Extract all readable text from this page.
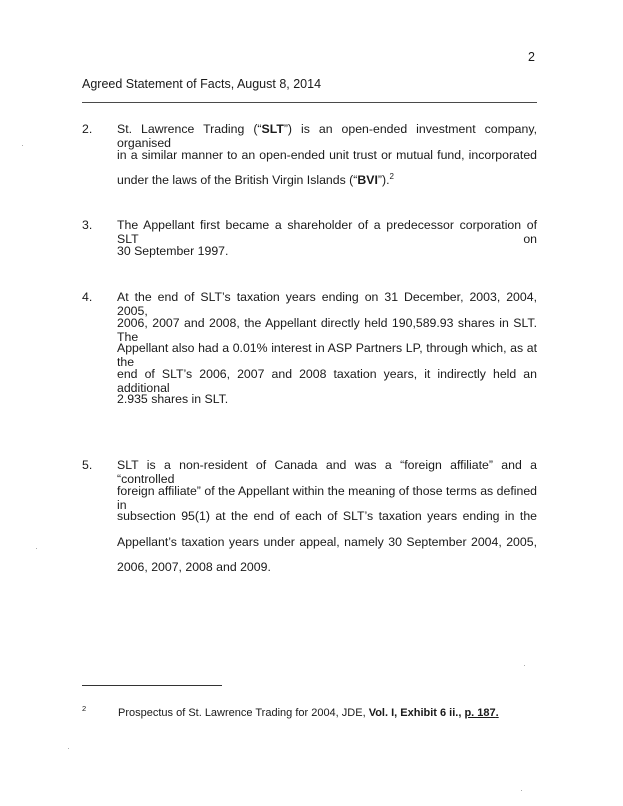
2
Agreed Statement of Facts, August 8, 2014
2. St. Lawrence Trading (“SLT”) is an open-ended investment company, organised
in a similar manner to an open-ended unit trust or mutual fund, incorporated
under the laws of the British Virgin Islands (“BVI”).$^2$
3. The Appellant first became a shareholder of a predecessor corporation of SLT on
30 September 1997.
4. At the end of SLT’s taxation years ending on 31 December, 2003, 2004, 2005,
2006, 2007 and 2008, the Appellant directly held 190,589.93 shares in SLT. The
Appellant also had a 0.01% interest in ASP Partners LP, through which, as at the
end of SLT’s 2006, 2007 and 2008 taxation years, it indirectly held an additional
2.935 shares in SLT.
5. SLT is a non-resident of Canada and was a “foreign affiliate” and a “controlled
foreign affiliate” of the Appellant within the meaning of those terms as defined in
subsection 95(1) at the end of each of SLT’s taxation years ending in the
Appellant’s taxation years under appeal, namely 30 September 2004, 2005,
2006, 2007, 2008 and 2009.
2	Prospectus of St. Lawrence Trading for 2004, JDE, Vol. I, Exhibit 6 ii., p. 187.
